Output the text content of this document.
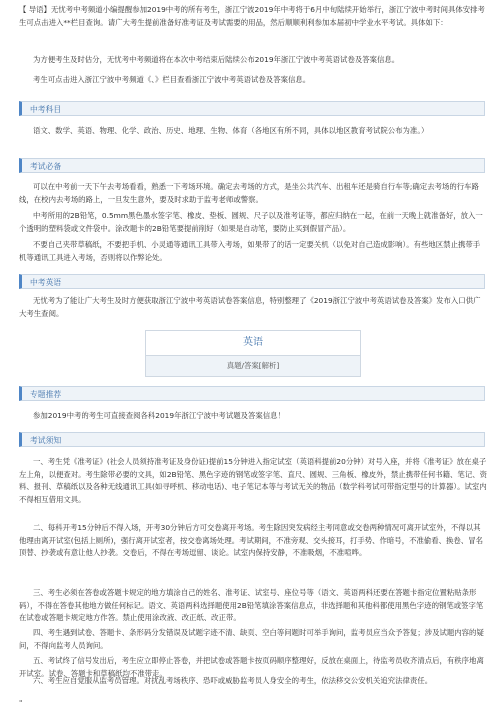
【 导语】无忧考中考频道小编提醒参加2019中考的所有考生，浙江宁波2019年中考将于6月中旬陆续开始举行，浙江宁波中考时间具体安排考生可点击进入**栏目查询。请广大考生提前准备好准考证及考试需要的用品，然后顺顺利利参加本届初中学业水平考试。具体如下：

为方便考生及时估分，无忧考中考频道将在本次中考结束后陆续公布2019年浙江宁波中考英语试卷及答案信息。

考生可点击进入浙江宁波中考频道《、》栏目查看浙江宁波中考英语试卷及答案信息。

中考科目

语文、数学、英语、物理、化学、政治、历史、地理、生物、体育（各地区有所不同，具体以地区教育考试院公布为准。）

考试必备

可以在中考前一天下午去考场看看，熟悉一下考场环境。确定去考场的方式，是坐公共汽车、出租车还是骑自行车等;确定去考场的行车路线，在校内去考场的路上，一旦发生意外，要及时求助于监考老师或警察。

中考所用的2B铅笔，0.5mm黑色墨水签字笔、橡皮、垫板、圆规、尺子以及准考证等，都应归纳在一起，在前一天晚上就准备好，放入一个透明的塑料袋或文件袋中。涂改题卡的2B铅笔要提前削好（如果是自动笔，要防止买到假冒产品）。

不要自己夹带草稿纸，不要把手机、小灵通等通讯工具带入考场，如果带了的话一定要关机（以免对自己造成影响）。有些地区禁止携带手机等通讯工具进入考场，否则将以作弊论处。

中考英语

无忧考为了能让广大考生及时方便获取浙江宁波中考英语试卷答案信息，特别整理了《2019浙江宁波中考英语试卷及答案》发布入口供广大考生查阅。

英语
真题/答案[解析]
专题推荐

参加2019中考的考生可直接查阅各科2019年浙江宁波中考试题及答案信息！

考试须知

一、考生凭《准考证》(社会人员须持准考证及身份证)提前15分钟进入指定试室（英语科提前20分钟）对号入座，并将《准考证》放在桌子左上角，以便查对。考生除带必要的文具，如2B铅笔、黑色字迹的钢笔或签字笔、直尺、圆规、三角板、橡皮外，禁止携带任何书籍、笔记、资料、报刊、草稿纸以及各种无线通讯工具(如寻呼机、移动电话)、电子笔记本等与考试无关的物品（数学科考试可带指定型号的计算器）。试室内不得相互借用文具。

二、每科开考15分钟后不得入场，开考30分钟后方可交卷离开考场。考生除因突发病经主考同意或交卷两种情况可离开试室外，不得以其他理由离开试室(包括上厕所)，强行离开试室者，按交卷离场处理。考试期间，不准旁观、交头接耳，打手势、作暗号，不准偷看、换卷、冒名顶替、抄袭或有意让他人抄袭。交卷后，不得在考场逗留、谈论。试室内保持安静，不准吸烟，不准喧哗。

三、考生必须在答卷或答题卡规定的地方填涂自己的姓名、准考证、试室号、座位号等（语文、英语两科还要在答题卡指定位置粘贴条形码），不得在答卷其他地方做任何标记。语文、英语两科选择题使用2B铅笔填涂答案信息点，非选择题和其他科都使用黑色字迹的钢笔或签字笔在试卷或答题卡规定地方作答。禁止使用涂改液、改正纸、改正带。

四、考生遇到试卷、答题卡、条形码分发错误及试题字迹不清、缺页、空白等问题时可举手询问，监考员应当众予答复；涉及试题内容的疑问，不得向监考人员询问。

五、考试终了信号发出后，考生应立即停止答卷，并把试卷或答题卡按页码顺序整理好，反放在桌面上，待监考员收齐清点后，有秩序地离开试室。试卷、答题卡和草稿纸均不准带走。

六、考生应自觉服从监考员管理。对扰乱考场秩序、恐吓或威胁监考员人身安全的考生，依法移交公安机关追究法律责任。

"
